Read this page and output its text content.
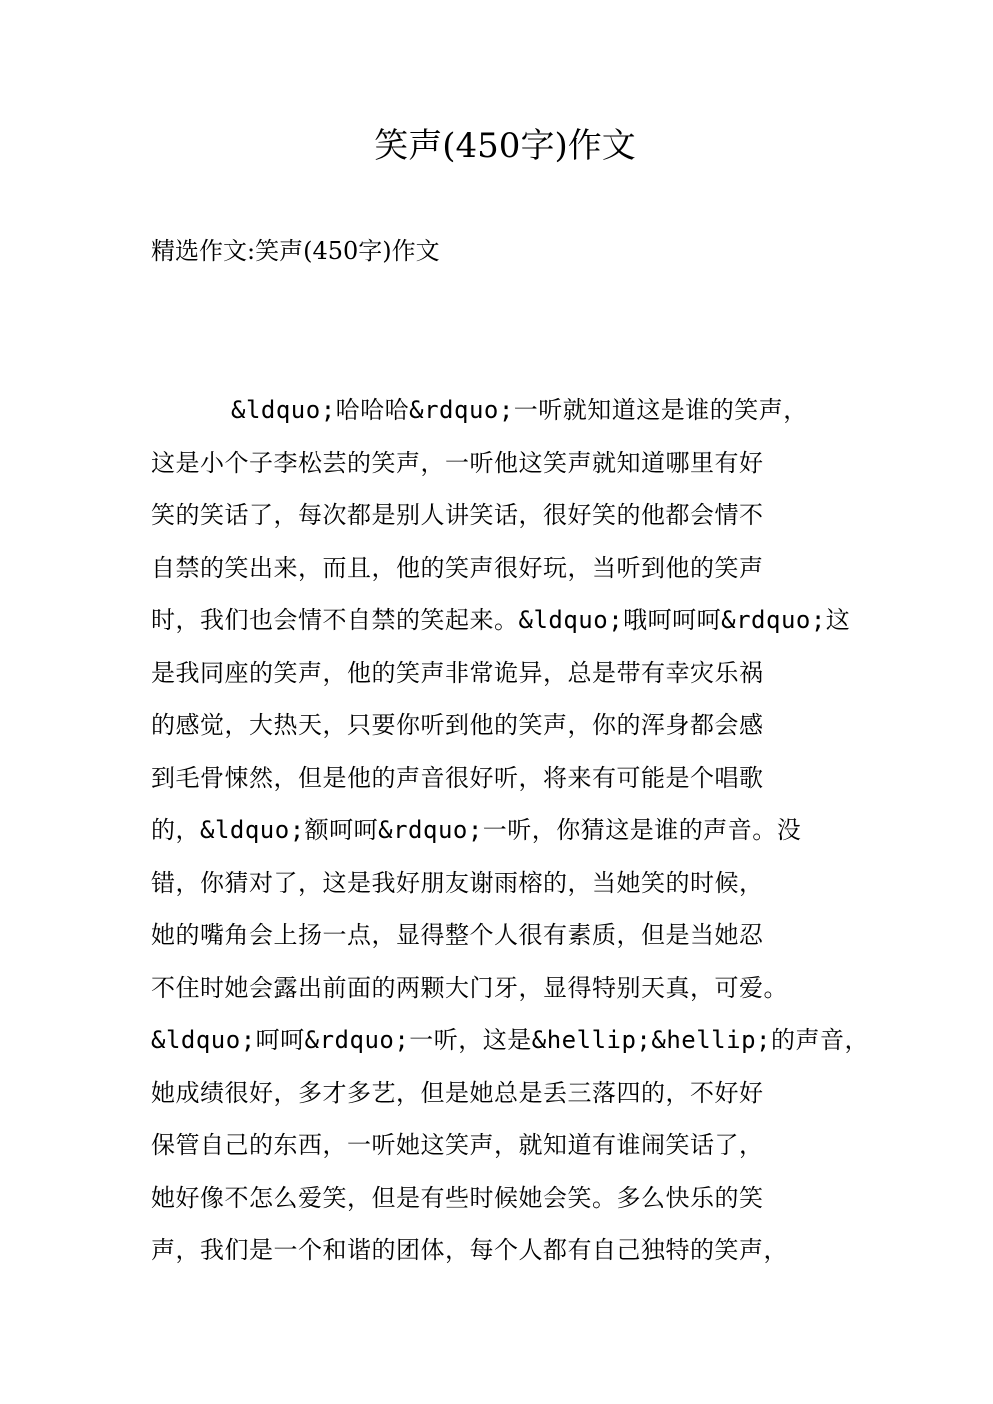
笑声(450字)作文

精选作文:笑声(450字)作文

&ldquo;哈哈哈&rdquo;一听就知道这是谁的笑声，
这是小个子李松芸的笑声，一听他这笑声就知道哪里有好
笑的笑话了，每次都是别人讲笑话，很好笑的他都会情不
自禁的笑出来，而且，他的笑声很好玩，当听到他的笑声
时，我们也会情不自禁的笑起来。&ldquo;哦呵呵呵&rdquo;这
是我同座的笑声，他的笑声非常诡异，总是带有幸灾乐祸
的感觉，大热天，只要你听到他的笑声，你的浑身都会感
到毛骨悚然，但是他的声音很好听，将来有可能是个唱歌
的，&ldquo;额呵呵&rdquo;一听，你猜这是谁的声音。没
错，你猜对了，这是我好朋友谢雨榕的，当她笑的时候，
她的嘴角会上扬一点，显得整个人很有素质，但是当她忍
不住时她会露出前面的两颗大门牙，显得特别天真，可爱。
&ldquo;呵呵&rdquo;一听，这是&hellip;&hellip;的声音，
她成绩很好，多才多艺，但是她总是丢三落四的，不好好
保管自己的东西，一听她这笑声，就知道有谁闹笑话了，
她好像不怎么爱笑，但是有些时候她会笑。多么快乐的笑
声，我们是一个和谐的团体，每个人都有自己独特的笑声，
